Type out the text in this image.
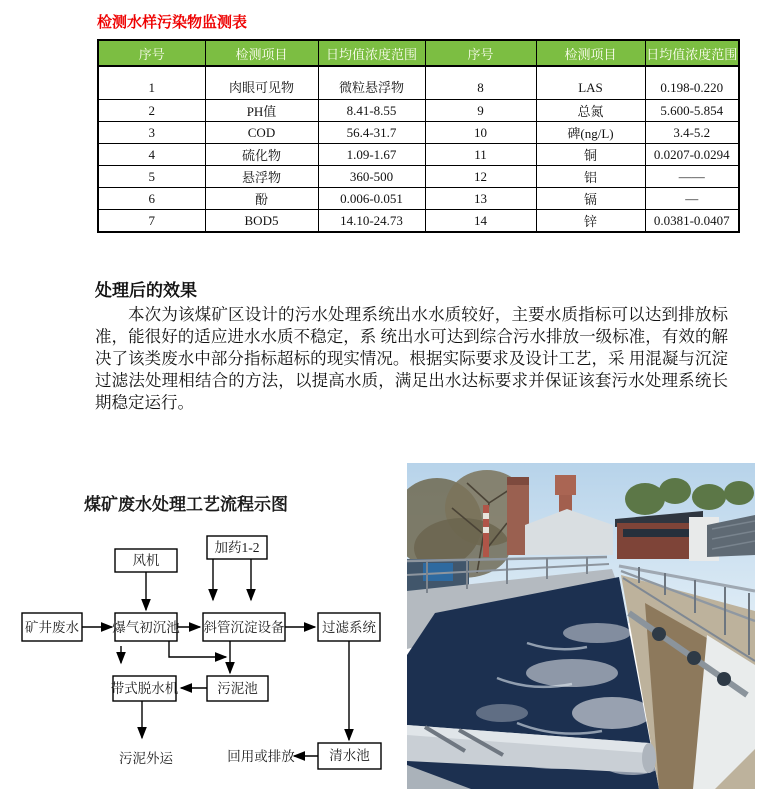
检测水样污染物监测表
序号	检测项目	日均值浓度范围	序号	检测项目	日均值浓度范围
1	肉眼可见物	微粒悬浮物	8	LAS	0.198-0.220
2	PH值	8.41-8.55	9	总氮	5.600-5.854
3	COD	56.4-31.7	10	碑(ng/L)	3.4-5.2
4	硫化物	1.09-1.67	11	铜	0.0207-0.0294
5	悬浮物	360-500	12	铝	——
6	酚	0.006-0.051	13	镉	—
7	BOD5	14.10-24.73	14	锌	0.0381-0.0407
处理后的效果

本次为该煤矿区设计的污水处理系统出水水质较好，主要水质指标可以达到排放标准，能很好的适应进水水质不稳定，系 统出水可达到综合污水排放一级标准，有效的解决了该类废水中部分指标超标的现实情况。根据实际要求及设计工艺，采 用混凝与沉淀过滤法处理相结合的方法，以提高水质，满足出水达标要求并保证该套污水处理系统长期稳定运行。

煤矿废水处理工艺流程示图
风机
加药1-2
矿井废水 爆气初沉池 斜管沉淀设备	过滤系统
带式脱水机	污泥池
清水池
污泥外运	回用或排放
